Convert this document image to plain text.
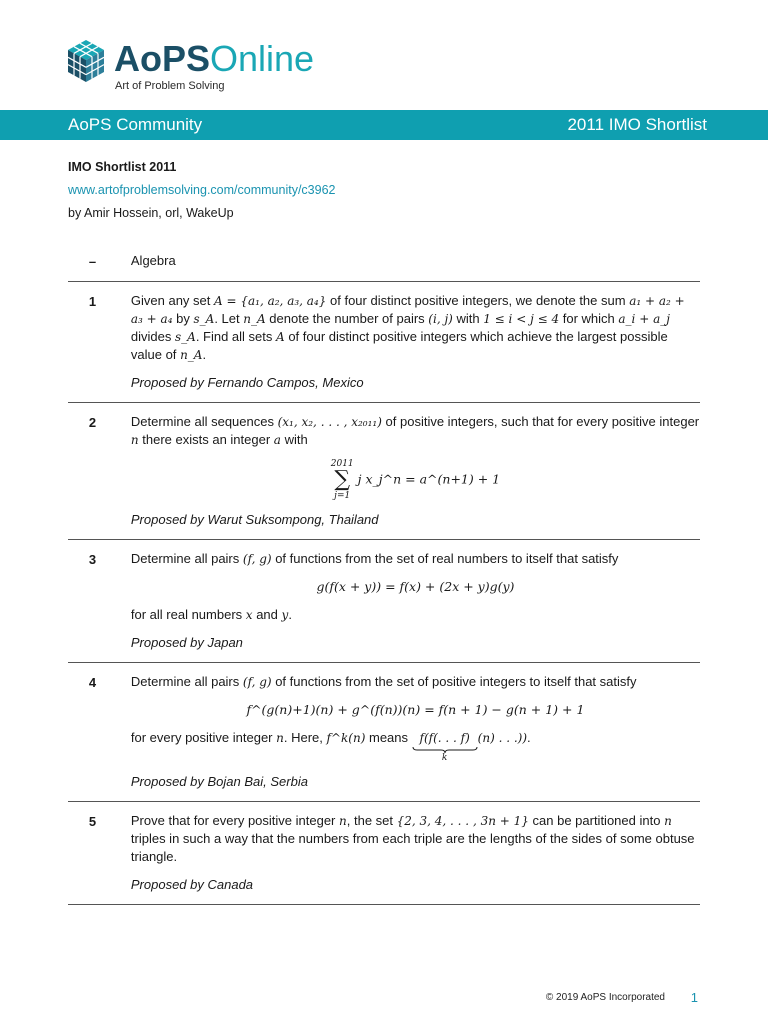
AoPSOnline
Art of Problem Solving
AoPS Community	2011 IMO Shortlist
IMO Shortlist 2011
www.artofproblemsolving.com/community/c3962
by Amir Hossein, orl, WakeUp
–	Algebra

1	Given any set A = {a₁, a₂, a₃, a₄} of four distinct positive integers, we denote the sum a₁ + a₂ + a₃ + a₄ by s_A. Let n_A denote the number of pairs (i, j) with 1 ≤ i < j ≤ 4 for which a_i + a_j divides s_A. Find all sets A of four distinct positive integers which achieve the largest possible value of n_A.

Proposed by Fernando Campos, Mexico

2	Determine all sequences (x₁, x₂, . . . , x₂₀₁₁) of positive integers, such that for every positive integer n there exists an integer a with

2011
∑
j=1
j x_j^n = a^(n+1) + 1

Proposed by Warut Suksompong, Thailand

3	Determine all pairs (f, g) of functions from the set of real numbers to itself that satisfy

g(f(x + y)) = f(x) + (2x + y)g(y)

for all real numbers x and y.

Proposed by Japan

4	Determine all pairs (f, g) of functions from the set of positive integers to itself that satisfy

f^(g(n)+1)(n) + g^(f(n))(n) = f(n + 1) − g(n + 1) + 1

for every positive integer n. Here, f^k(n) means f(f(. . . f)
k
(n) . . .)).

Proposed by Bojan Bai, Serbia

5	Prove that for every positive integer n, the set {2, 3, 4, . . . , 3n + 1} can be partitioned into n triples in such a way that the numbers from each triple are the lengths of the sides of some obtuse triangle.

Proposed by Canada

© 2019 AoPS Incorporated 1
